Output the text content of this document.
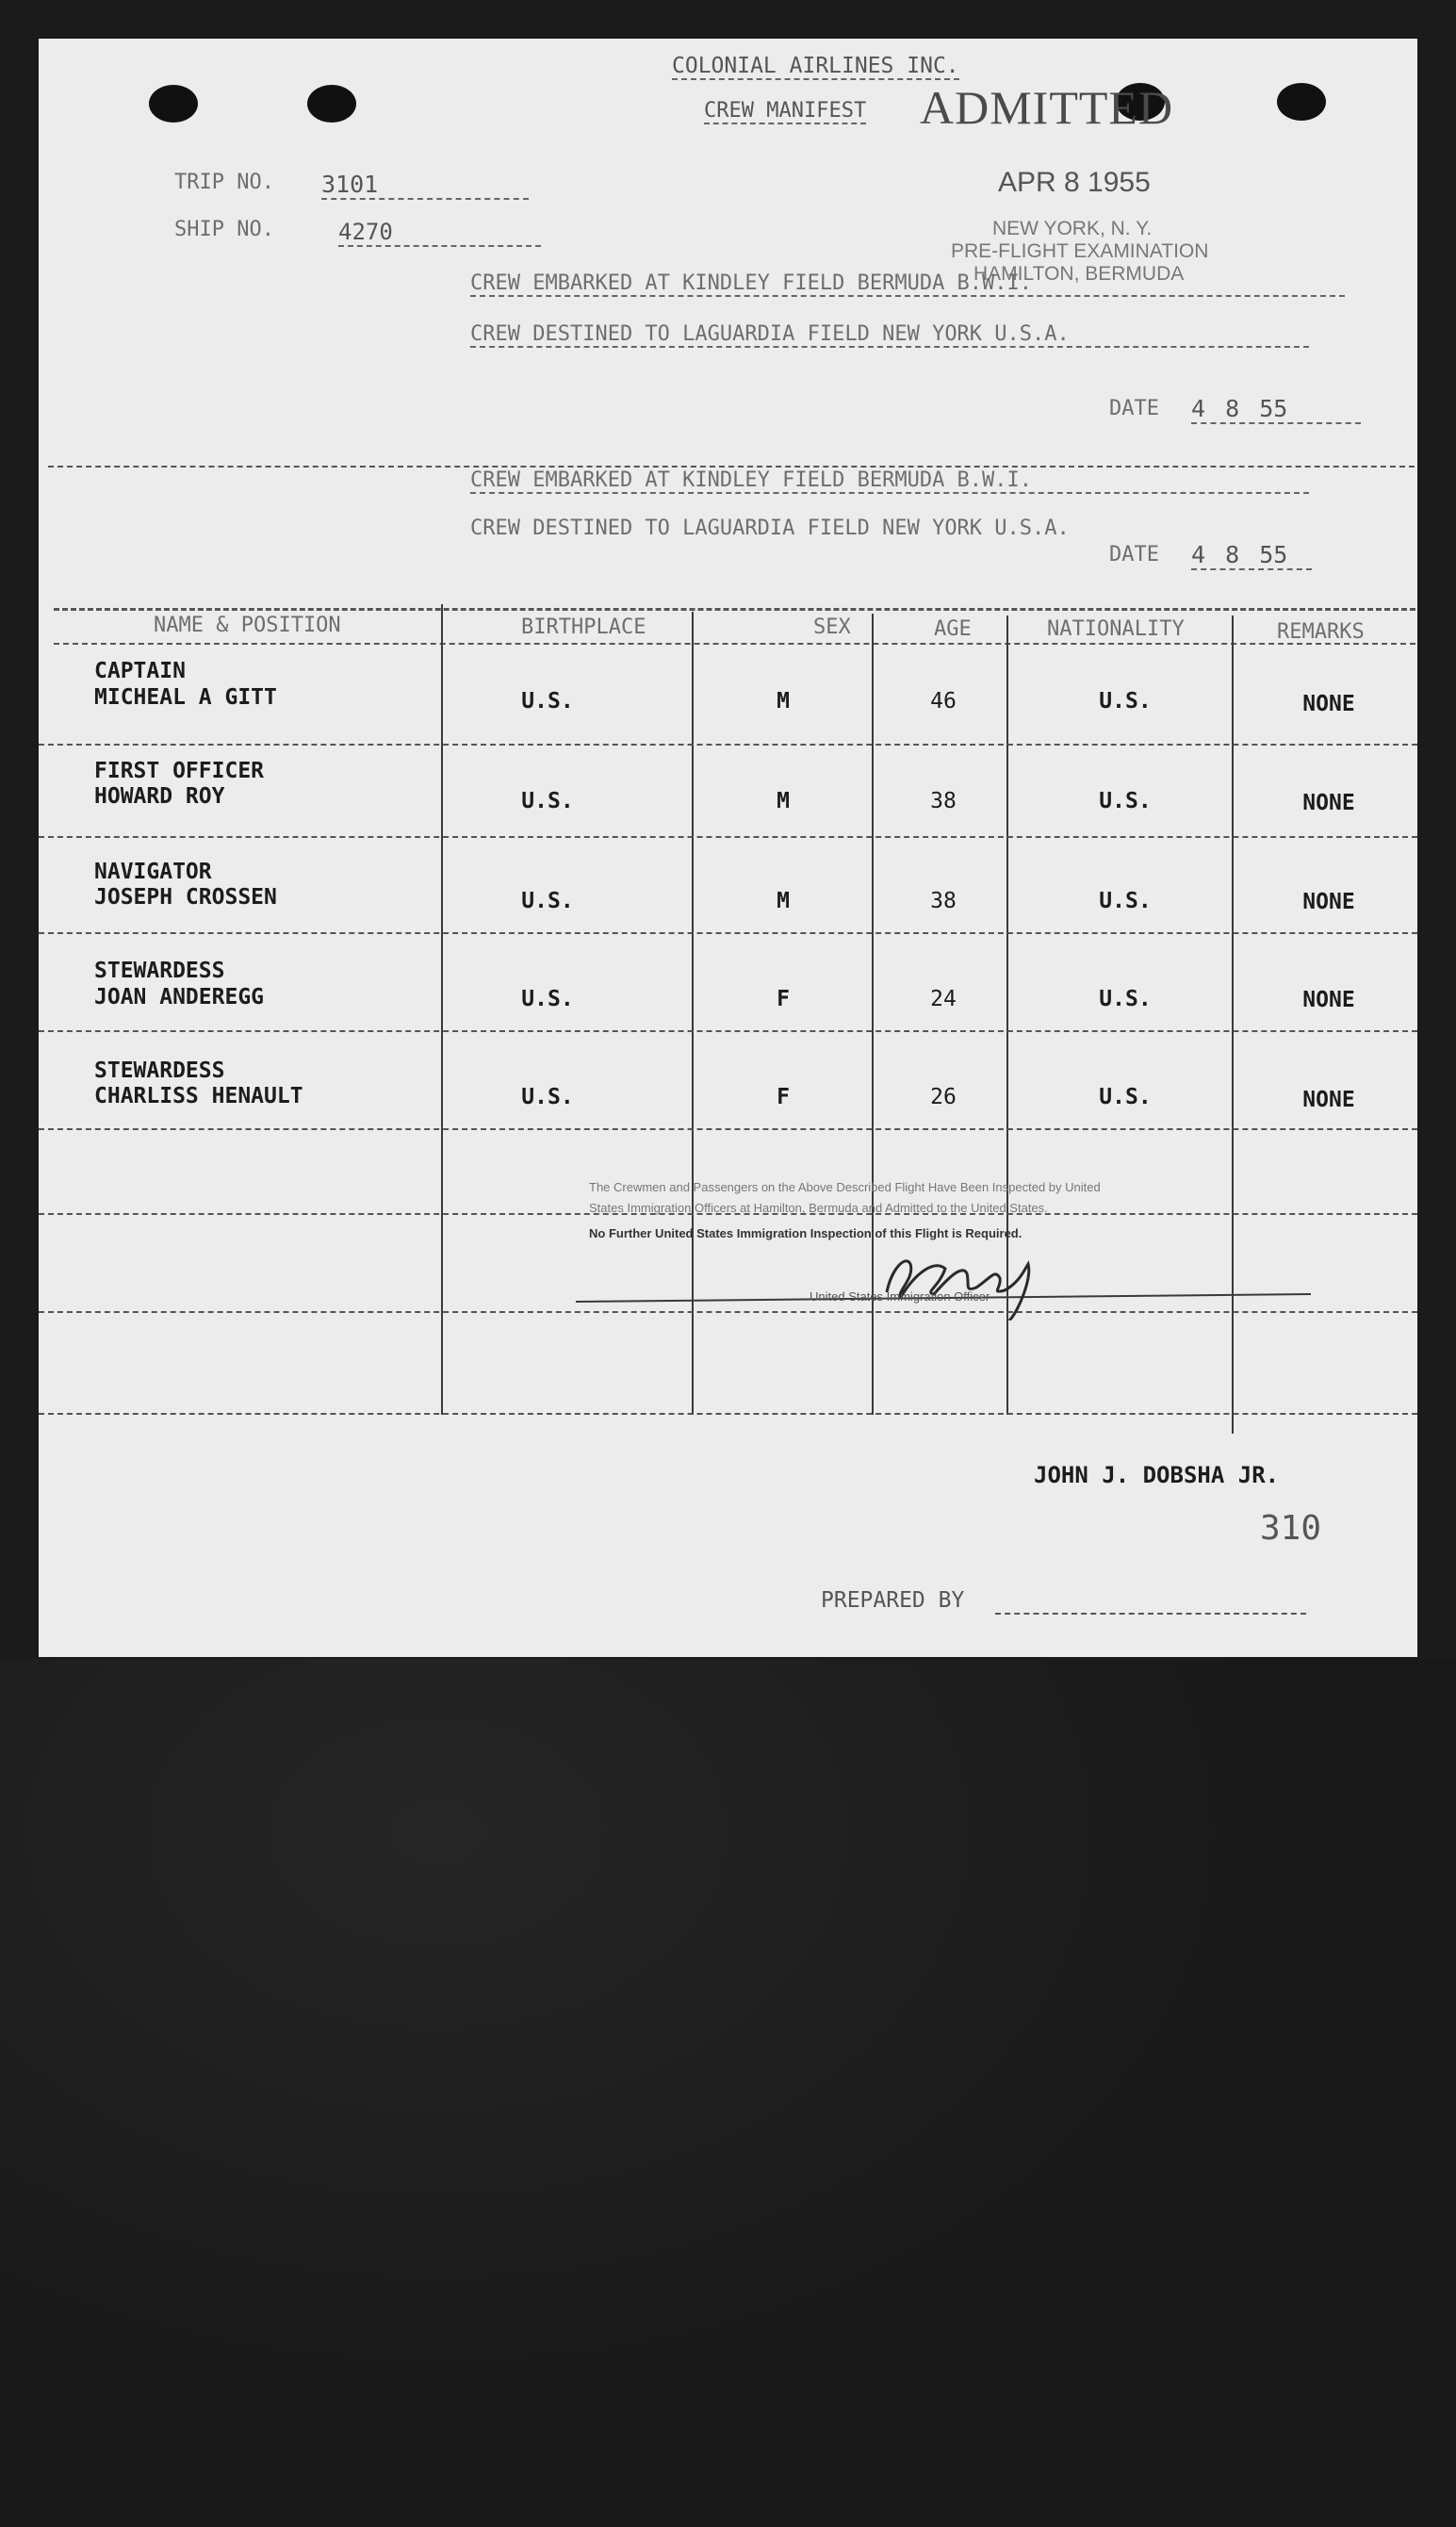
COLONIAL AIRLINES INC.
CREW MANIFEST ADMITTED
TRIP NO. 3101
SHIP NO.	4270
APR 8 1955
NEW YORK, N. Y.
PRE-FLIGHT EXAMINATION
HAMILTON, BERMUDA
CREW EMBARKED AT KINDLEY FIELD BERMUDA B.W.I.
CREW DESTINED TO LAGUARDIA FIELD NEW YORK U.S.A.
DATE 4 8 55
CREW EMBARKED AT KINDLEY FIELD BERMUDA B.W.I.
CREW DESTINED TO LAGUARDIA FIELD NEW YORK U.S.A.
DATE 4 8 55
NAME & POSITION	BIRTHPLACE	SEX	AGE	NATIONALITY	REMARKS
CAPTAIN
MICHEAL A GITT	U.S.	M	46	U.S.	NONE
FIRST OFFICER
HOWARD ROY	U.S.	M	38	U.S.	NONE
NAVIGATOR
JOSEPH CROSSEN	U.S.	M	38	U.S.	NONE
STEWARDESS
JOAN ANDEREGG	U.S.	F	24	U.S.	NONE
STEWARDESS
CHARLISS HENAULT	U.S.	F	26	U.S.	NONE
The Crewmen and Passengers on the Above Described Flight Have Been Inspected by United
States Immigration Officers at Hamilton, Bermuda and Admitted to the United States.
No Further United States Immigration Inspection of this Flight is Required.
United States Immigration Officer
JOHN J. DOBSHA JR.
310
PREPARED BY
